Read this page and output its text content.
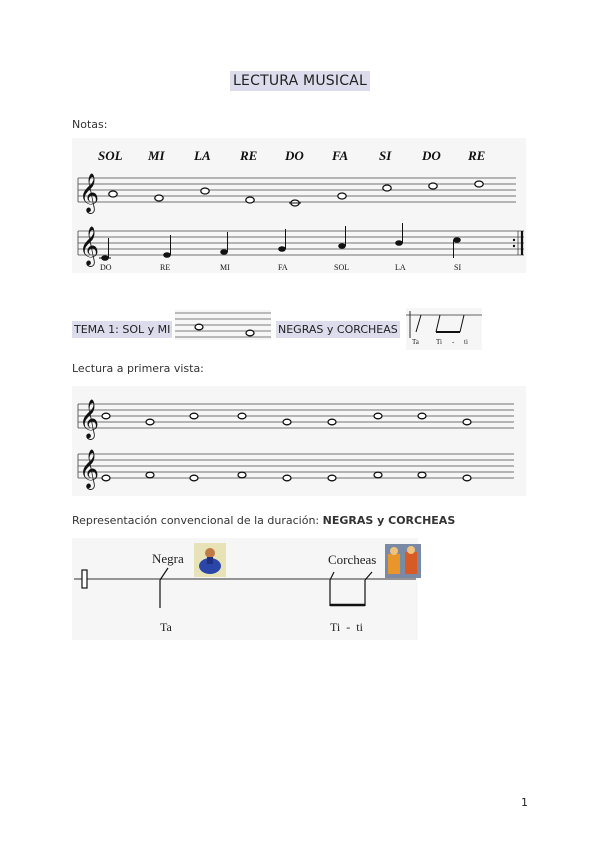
LECTURA MUSICAL
Notas:
SOL MI LA RE DO FA SI DO RE
𝄞
𝄞
DO	RE	MI	FA	SOL	LA	SI
TEMA 1: SOL y MI	NEGRAS y CORCHEAS
Ta Ti - ti
Lectura a primera vista:
𝄞
𝄞
Representación convencional de la duración: NEGRAS y CORCHEAS
Negra	Corcheas
Ta	Ti  -  ti
1
